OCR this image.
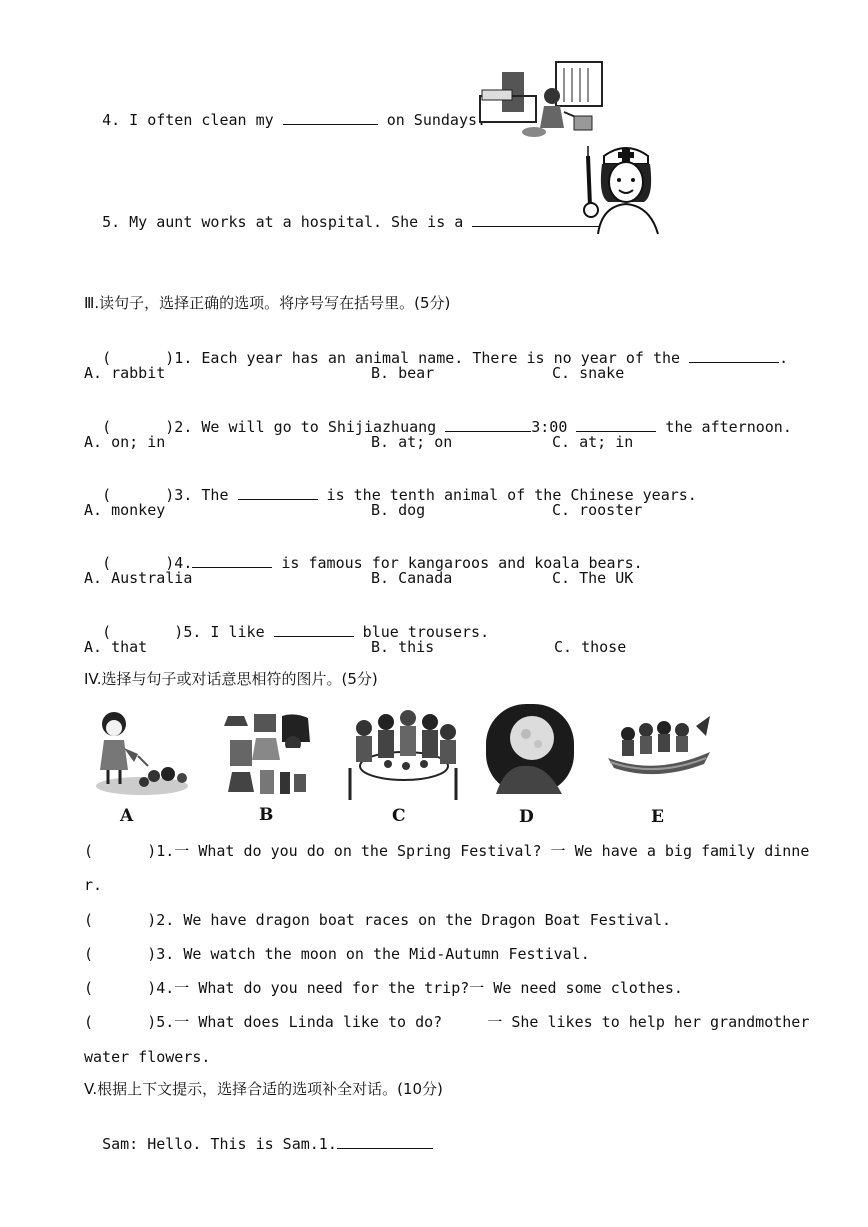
4. I often clean my	on Sundays.

5. My aunt works at a hospital. She is a

Ⅲ.读句子，选择正确的选项。将序号写在括号里。(5分)

(      )1. Each year has an animal name. There is no year of the	.

A. rabbit	B. bear	C. snake

(      )2. We will go to Shijiazhuang	3:00	the afternoon.

A. on; in	B. at; on	C. at; in

(      )3. The	is the tenth animal of the Chinese years.

A. monkey	B. dog	C. rooster

(      )4.	is famous for kangaroos and koala bears.

A. Australia	B. Canada	C. The UK

(       )5. I like	blue trousers.

A. that	B. this	C. those
IV.选择与句子或对话意思相符的图片。(5分)
A	B	C	D	E
(      )1.一 What do you do on the Spring Festival? 一 We have a big family dinne
r.
(      )2. We have dragon boat races on the Dragon Boat Festival.
(      )3. We watch the moon on the Mid-Autumn Festival.
(      )4.一 What do you need for the trip?一 We need some clothes.
(      )5.一 What does Linda like to do?     一 She likes to help her grandmother
water flowers.
V.根据上下文提示，选择合适的选项补全对话。(10分)

Sam: Hello. This is Sam.1.
